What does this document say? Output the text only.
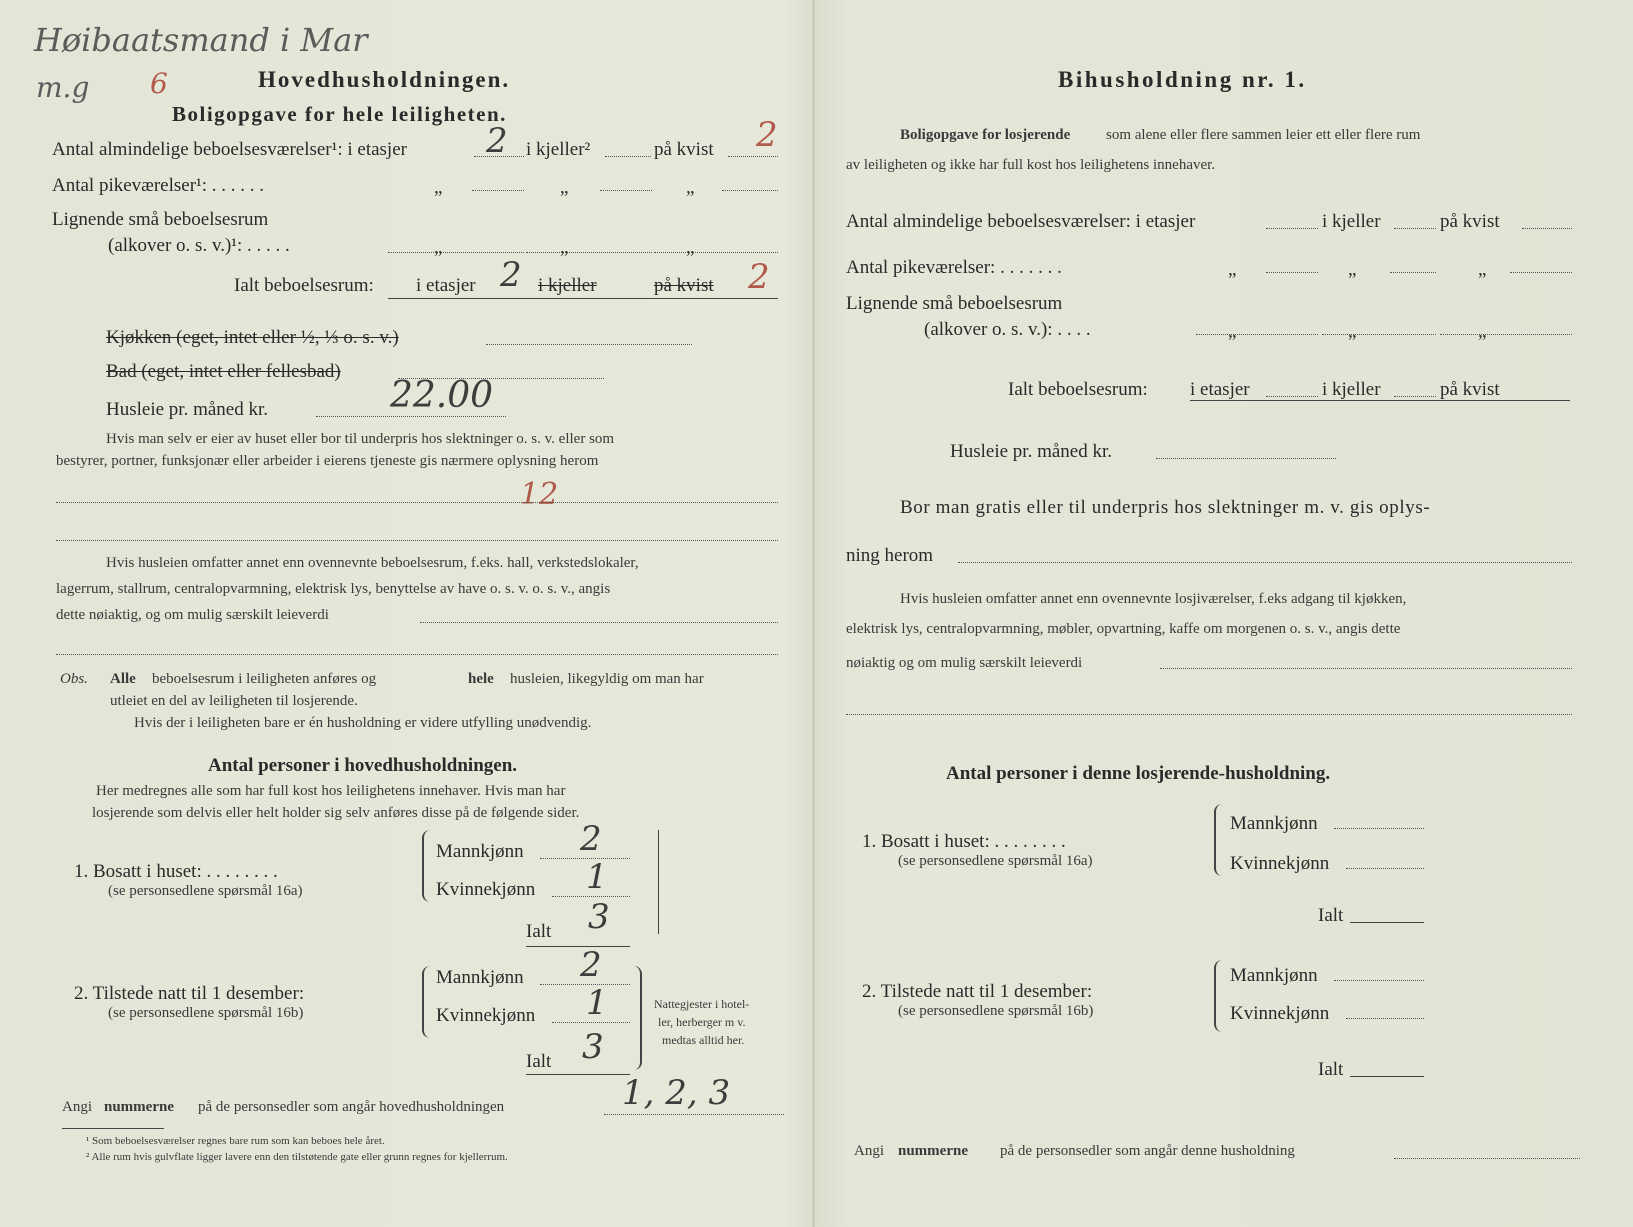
Høibaatsmand i Mar
m.g 6	Hovedhusholdningen.
Boligopgave for hele leiligheten.
Antal almindelige beboelsesværelser¹: i etasjer 2 i kjeller²	på kvist 2
Antal pikeværelser¹: . . . . . .	„	„	„
Lignende små beboelsesrum
(alkover o. s. v.)¹: . . . . .	„	„	„
Ialt beboelsesrum: i etasjer 2 i kjeller	på kvist 2
Kjøkken (eget, intet eller ½, ⅓ o. s. v.)
Bad (eget, intet eller fellesbad)
Husleie pr. måned kr.	22.00
Hvis man selv er eier av huset eller bor til underpris hos slektninger o. s. v. eller som
bestyrer, portner, funksjonær eller arbeider i eierens tjeneste gis nærmere oplysning herom
12
Hvis husleien omfatter annet enn ovennevnte beboelsesrum, f.eks. hall, verkstedslokaler,
lagerrum, stallrum, centralopvarmning, elektrisk lys, benyttelse av have o. s. v. o. s. v., angis
dette nøiaktig, og om mulig særskilt leieverdi
Obs. Alle beboelsesrum i leiligheten anføres og	hele husleien, likegyldig om man har
utleiet en del av leiligheten til losjerende.
Hvis der i leiligheten bare er én husholdning er videre utfylling unødvendig.
Antal personer i hovedhusholdningen.
Her medregnes alle som har full kost hos leilighetens innehaver. Hvis man har
losjerende som delvis eller helt holder sig selv anføres disse på de følgende sider.
1. Bosatt i huset: . . . . . . . .
(se personsedlene spørsmål 16a)
Mannkjønn 2
Kvinnekjønn 1
Ialt 3
2. Tilstede natt til 1 desember:
(se personsedlene spørsmål 16b)
Mannkjønn 2
Kvinnekjønn 1
Ialt 3
Nattegjester i hotel-
ler, herberger m v.
medtas alltid her.
Angi nummerne på de personsedler som angår hovedhusholdningen	1, 2, 3
¹ Som beboelsesværelser regnes bare rum som kan beboes hele året.
² Alle rum hvis gulvflate ligger lavere enn den tilstøtende gate eller grunn regnes for kjellerrum.
Bihusholdning nr. 1.
Boligopgave for losjerende som alene eller flere sammen leier ett eller flere rum
av leiligheten og ikke har full kost hos leilighetens innehaver.
Antal almindelige beboelsesværelser: i etasjer	i kjeller	på kvist
Antal pikeværelser: . . . . . . .	„	„	„
Lignende små beboelsesrum
(alkover o. s. v.): . . . .	„	„	„
Ialt beboelsesrum: i etasjer	i kjeller	på kvist
Husleie pr. måned kr.
Bor man gratis eller til underpris hos slektninger m. v. gis oplys-
ning herom
Hvis husleien omfatter annet enn ovennevnte losjiværelser, f.eks adgang til kjøkken,
elektrisk lys, centralopvarmning, møbler, opvartning, kaffe om morgenen o. s. v., angis dette
nøiaktig og om mulig særskilt leieverdi
Antal personer i denne losjerende-husholdning.
1. Bosatt i huset: . . . . . . . .
(se personsedlene spørsmål 16a)
Mannkjønn
Kvinnekjønn
Ialt
2. Tilstede natt til 1 desember:
(se personsedlene spørsmål 16b)
Mannkjønn
Kvinnekjønn
Ialt
Angi nummerne på de personsedler som angår denne husholdning
